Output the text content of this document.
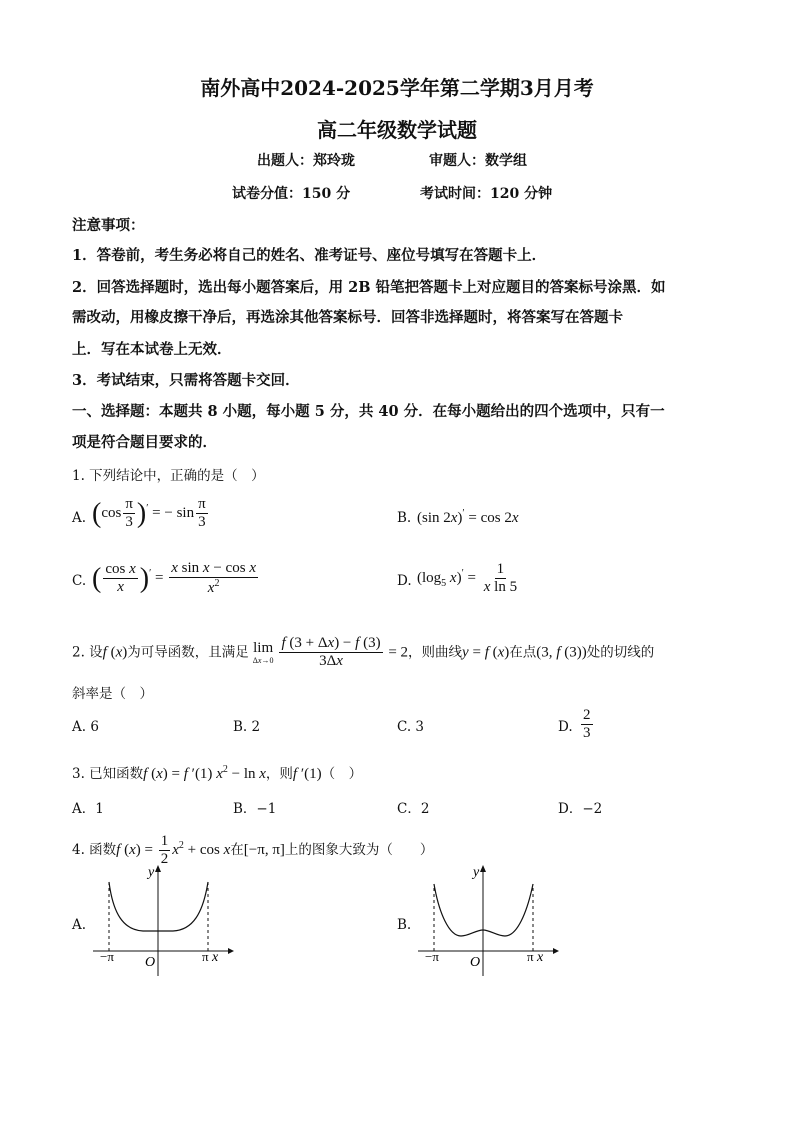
南外高中2024-2025学年第二学期3月月考
高二年级数学试题
出题人：郑玲珑	审题人：数学组
试卷分值：150 分	考试时间：120 分钟
注意事项：
1．答卷前，考生务必将自己的姓名、准考证号、座位号填写在答题卡上．
2．回答选择题时，选出每小题答案后，用 2B 铅笔把答题卡上对应题目的答案标号涂黑．如
需改动，用橡皮擦干净后，再选涂其他答案标号．回答非选择题时，将答案写在答题卡
上．写在本试卷上无效．
3．考试结束，只需将答题卡交回．
一、选择题：本题共 8 小题，每小题 5 分，共 40 分．在每小题给出的四个选项中，只有一
项是符合题目要求的．
1. 下列结论中，正确的是（　）
A. $(\cos \frac{\pi}{3} )'$ = − $\sin \frac{\pi}{3}$	B. (sin 2x)′ = cos 2x
C. ( $\frac{\text{cos x}}{x} )' = \frac{\text{x sin x − cos x}}{x^2}$	D. ($\log_5$ $x)' = \frac{1}{\text{x ln 5}}$
2. 设f (x)为可导函数，且满足 lim
$\Delta x\to 0 \frac{f (3 + \Delta x) - f (3)}{3\Delta x} = 2$，则曲线y = f (x)在点(3, f (3))处的切线的
斜率是（　）
A. 6	B. 2	C. 3	D. $\frac{2}{3}$
3. 已知函数f (x) = f ′(1) $x^2 - \ln x$，则f ′(1)（　）
A．1	B．−1	C．2	D．−2
4. 函数f $(x) = \frac{1}{2} x^2 + \cos x$在[−π, π]上的图象大致为（　　）
A.
y
x
O
−π	π
B.
y
x
O
−π	π
